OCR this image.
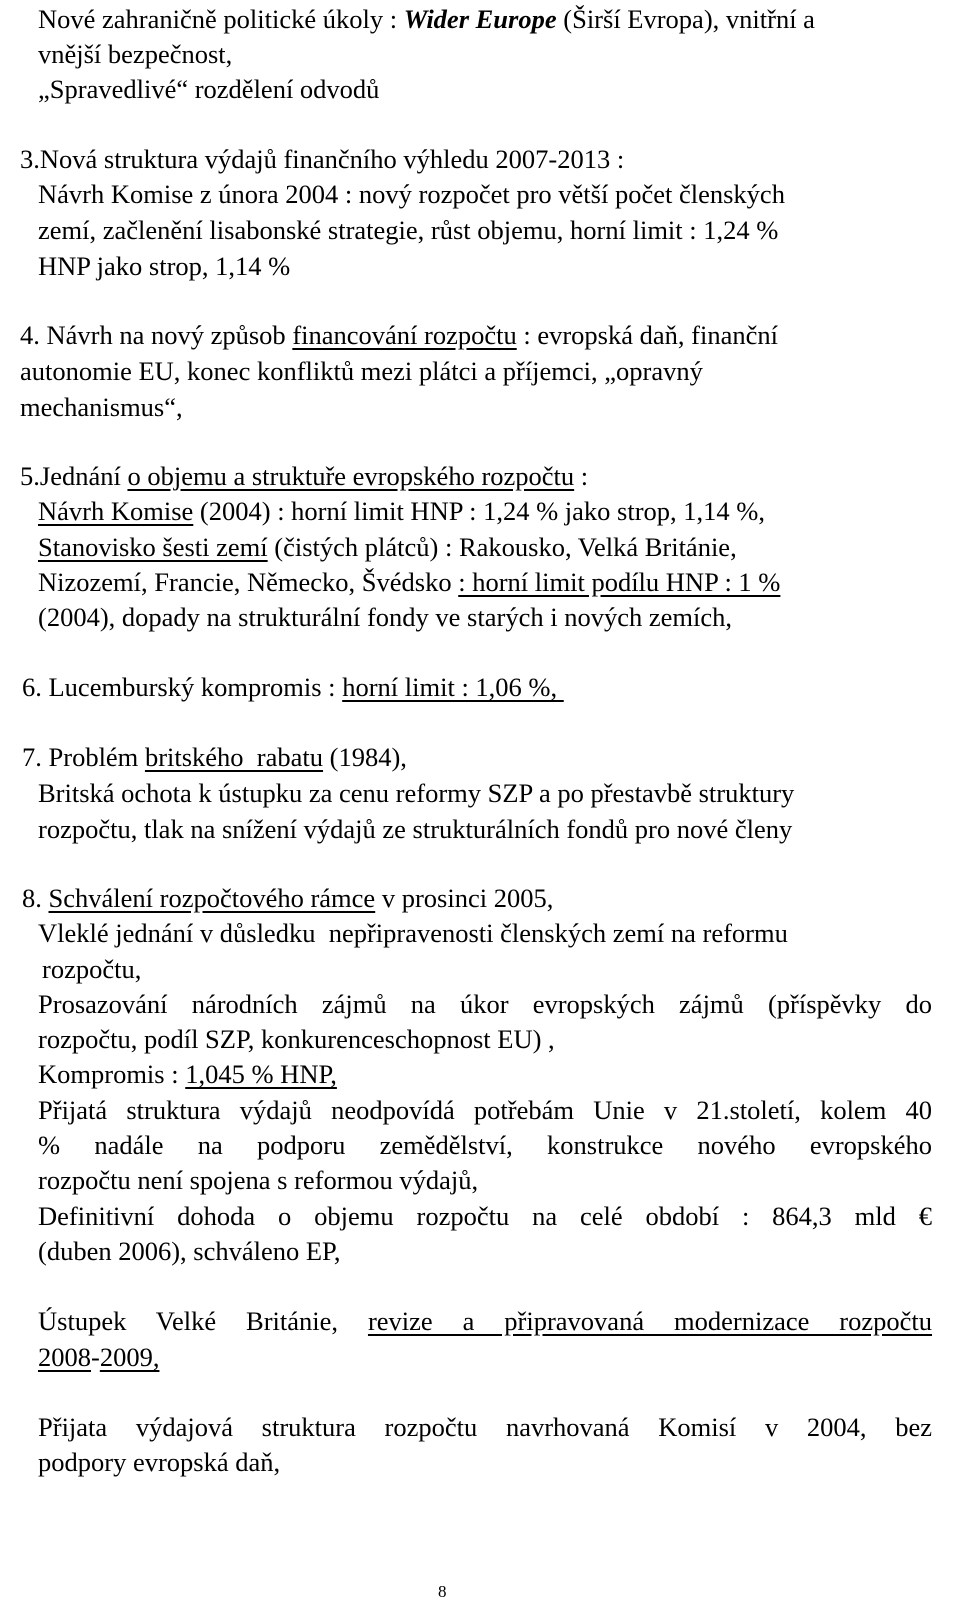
Nové zahraničně politické úkoly : Wider Europe (Širší Evropa), vnitřní a
vnější bezpečnost,
„Spravedlivé“ rozdělení odvodů
3.Nová struktura výdajů finančního výhledu 2007-2013 :
Návrh Komise z února 2004 : nový rozpočet pro větší počet členských
zemí, začlenění lisabonské strategie, růst objemu, horní limit : 1,24 %
HNP jako strop, 1,14 %
4. Návrh na nový způsob financování rozpočtu : evropská daň, finanční
autonomie EU, konec konfliktů mezi plátci a příjemci, „opravný
mechanismus“,
5.Jednání o objemu a struktuře evropského rozpočtu :
Návrh Komise (2004) : horní limit HNP : 1,24 % jako strop, 1,14 %,
Stanovisko šesti zemí (čistých plátců) : Rakousko, Velká Británie,
Nizozemí, Francie, Německo, Švédsko : horní limit podílu HNP : 1 %
(2004), dopady na strukturální fondy ve starých i nových zemích,
6. Lucemburský kompromis : horní limit : 1,06 %,
7. Problém britského  rabatu (1984),
Britská ochota k ústupku za cenu reformy SZP a po přestavbě struktury
rozpočtu, tlak na snížení výdajů ze strukturálních fondů pro nové členy
8. Schválení rozpočtového rámce v prosinci 2005,
Vleklé jednání v důsledku  nepřipravenosti členských zemí na reformu
rozpočtu,
Prosazování národních zájmů na úkor evropských zájmů (příspěvky do
rozpočtu, podíl SZP, konkurenceschopnost EU) ,
Kompromis : 1,045 % HNP,
Přijatá struktura výdajů neodpovídá potřebám Unie v 21.století, kolem 40
% nadále na podporu zemědělství, konstrukce nového evropského
rozpočtu není spojena s reformou výdajů,
Definitivní dohoda o objemu rozpočtu na celé období : 864,3 mld €
(duben 2006), schváleno EP,
Ústupek  Velké  Británie,  revize  a  připravovaná  modernizace  rozpočtu
2008-2009,
Přijata výdajová struktura rozpočtu navrhovaná Komisí v 2004, bez
podpory evropská daň,
8
